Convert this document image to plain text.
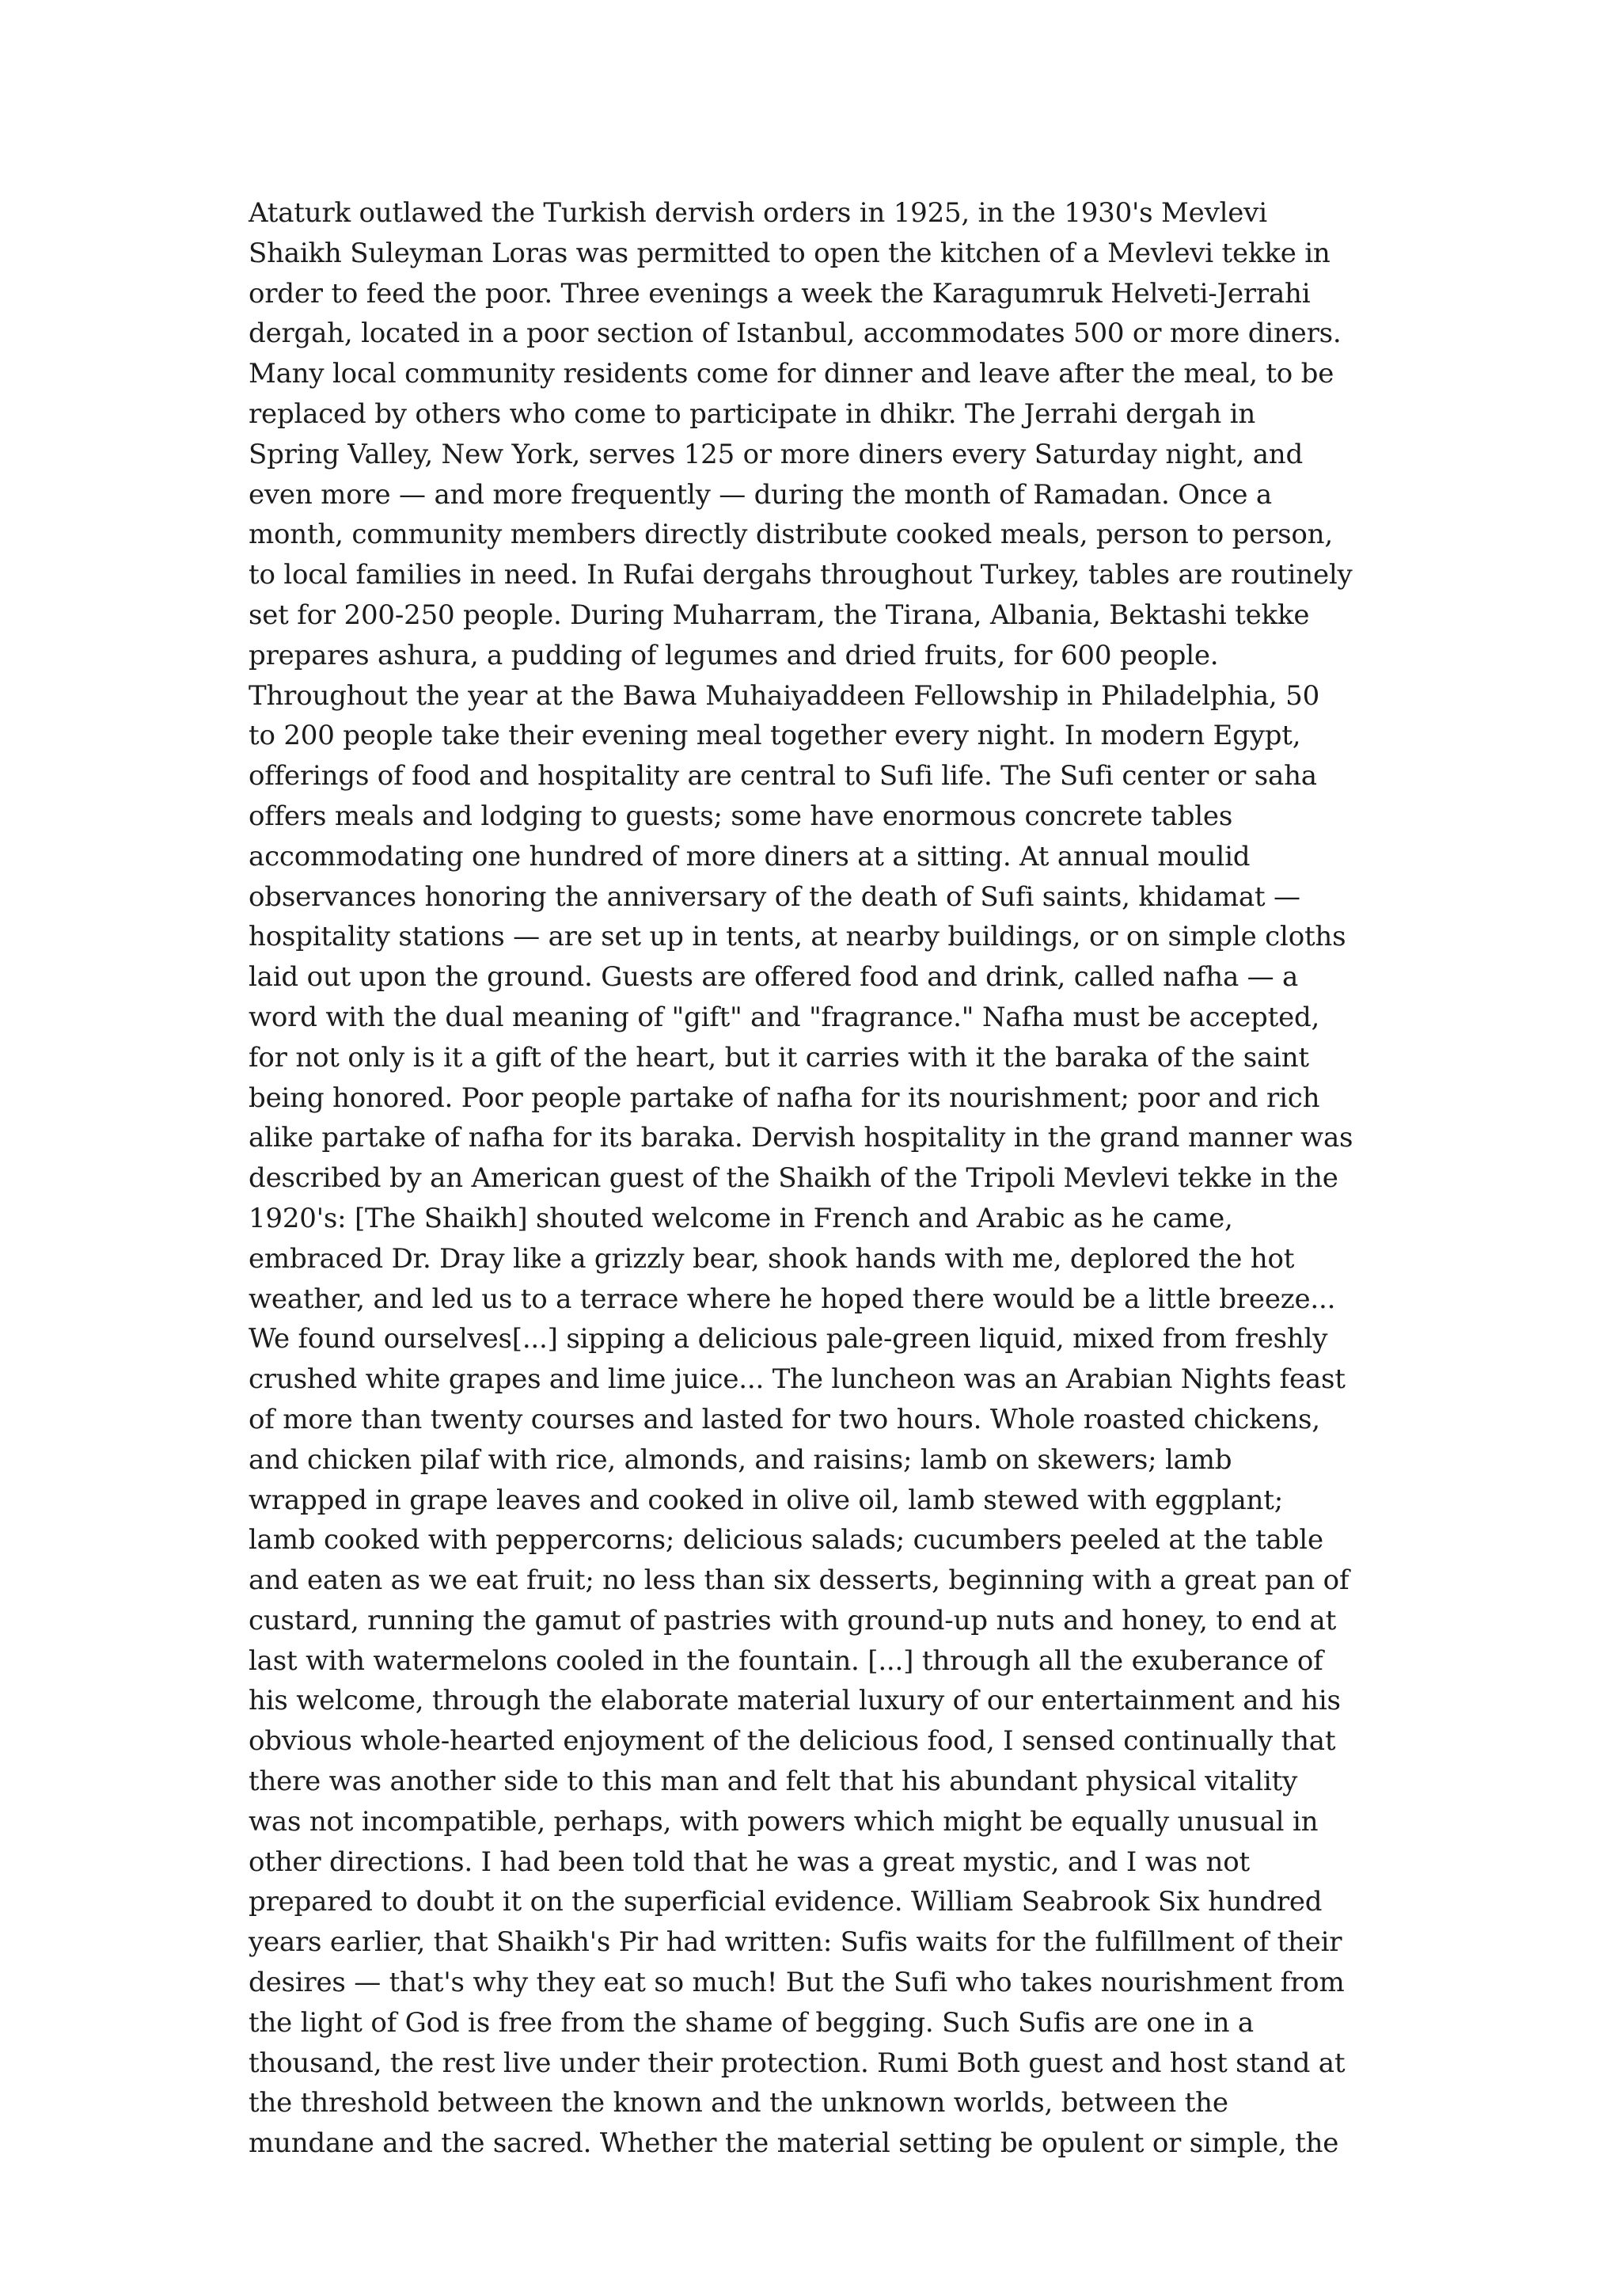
Ataturk outlawed the Turkish dervish orders in 1925, in the 1930's Mevlevi
Shaikh Suleyman Loras was permitted to open the kitchen of a Mevlevi tekke in
order to feed the poor. Three evenings a week the Karagumruk Helveti-Jerrahi
dergah, located in a poor section of Istanbul, accommodates 500 or more diners.
Many local community residents come for dinner and leave after the meal, to be
replaced by others who come to participate in dhikr. The Jerrahi dergah in
Spring Valley, New York, serves 125 or more diners every Saturday night, and
even more — and more frequently — during the month of Ramadan. Once a
month, community members directly distribute cooked meals, person to person,
to local families in need. In Rufai dergahs throughout Turkey, tables are routinely
set for 200-250 people. During Muharram, the Tirana, Albania, Bektashi tekke
prepares ashura, a pudding of legumes and dried fruits, for 600 people.
Throughout the year at the Bawa Muhaiyaddeen Fellowship in Philadelphia, 50
to 200 people take their evening meal together every night. In modern Egypt,
offerings of food and hospitality are central to Sufi life. The Sufi center or saha
offers meals and lodging to guests; some have enormous concrete tables
accommodating one hundred of more diners at a sitting. At annual moulid
observances honoring the anniversary of the death of Sufi saints, khidamat —
hospitality stations — are set up in tents, at nearby buildings, or on simple cloths
laid out upon the ground. Guests are offered food and drink, called nafha — a
word with the dual meaning of "gift" and "fragrance." Nafha must be accepted,
for not only is it a gift of the heart, but it carries with it the baraka of the saint
being honored. Poor people partake of nafha for its nourishment; poor and rich
alike partake of nafha for its baraka. Dervish hospitality in the grand manner was
described by an American guest of the Shaikh of the Tripoli Mevlevi tekke in the
1920's: [The Shaikh] shouted welcome in French and Arabic as he came,
embraced Dr. Dray like a grizzly bear, shook hands with me, deplored the hot
weather, and led us to a terrace where he hoped there would be a little breeze...
We found ourselves[...] sipping a delicious pale-green liquid, mixed from freshly
crushed white grapes and lime juice... The luncheon was an Arabian Nights feast
of more than twenty courses and lasted for two hours. Whole roasted chickens,
and chicken pilaf with rice, almonds, and raisins; lamb on skewers; lamb
wrapped in grape leaves and cooked in olive oil, lamb stewed with eggplant;
lamb cooked with peppercorns; delicious salads; cucumbers peeled at the table
and eaten as we eat fruit; no less than six desserts, beginning with a great pan of
custard, running the gamut of pastries with ground-up nuts and honey, to end at
last with watermelons cooled in the fountain. [...] through all the exuberance of
his welcome, through the elaborate material luxury of our entertainment and his
obvious whole-hearted enjoyment of the delicious food, I sensed continually that
there was another side to this man and felt that his abundant physical vitality
was not incompatible, perhaps, with powers which might be equally unusual in
other directions. I had been told that he was a great mystic, and I was not
prepared to doubt it on the superficial evidence. William Seabrook Six hundred
years earlier, that Shaikh's Pir had written: Sufis waits for the fulfillment of their
desires — that's why they eat so much! But the Sufi who takes nourishment from
the light of God is free from the shame of begging. Such Sufis are one in a
thousand, the rest live under their protection. Rumi Both guest and host stand at
the threshold between the known and the unknown worlds, between the
mundane and the sacred. Whether the material setting be opulent or simple, the
